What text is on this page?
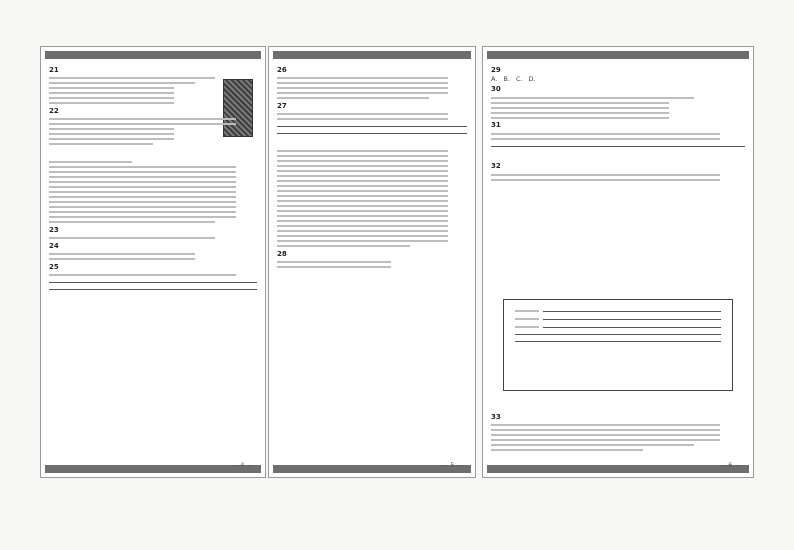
21
22
23
24
25
— 4 —
26
27
28
— 5 —
29
A. B. C. D.
30
31
32
33
— 6 —
